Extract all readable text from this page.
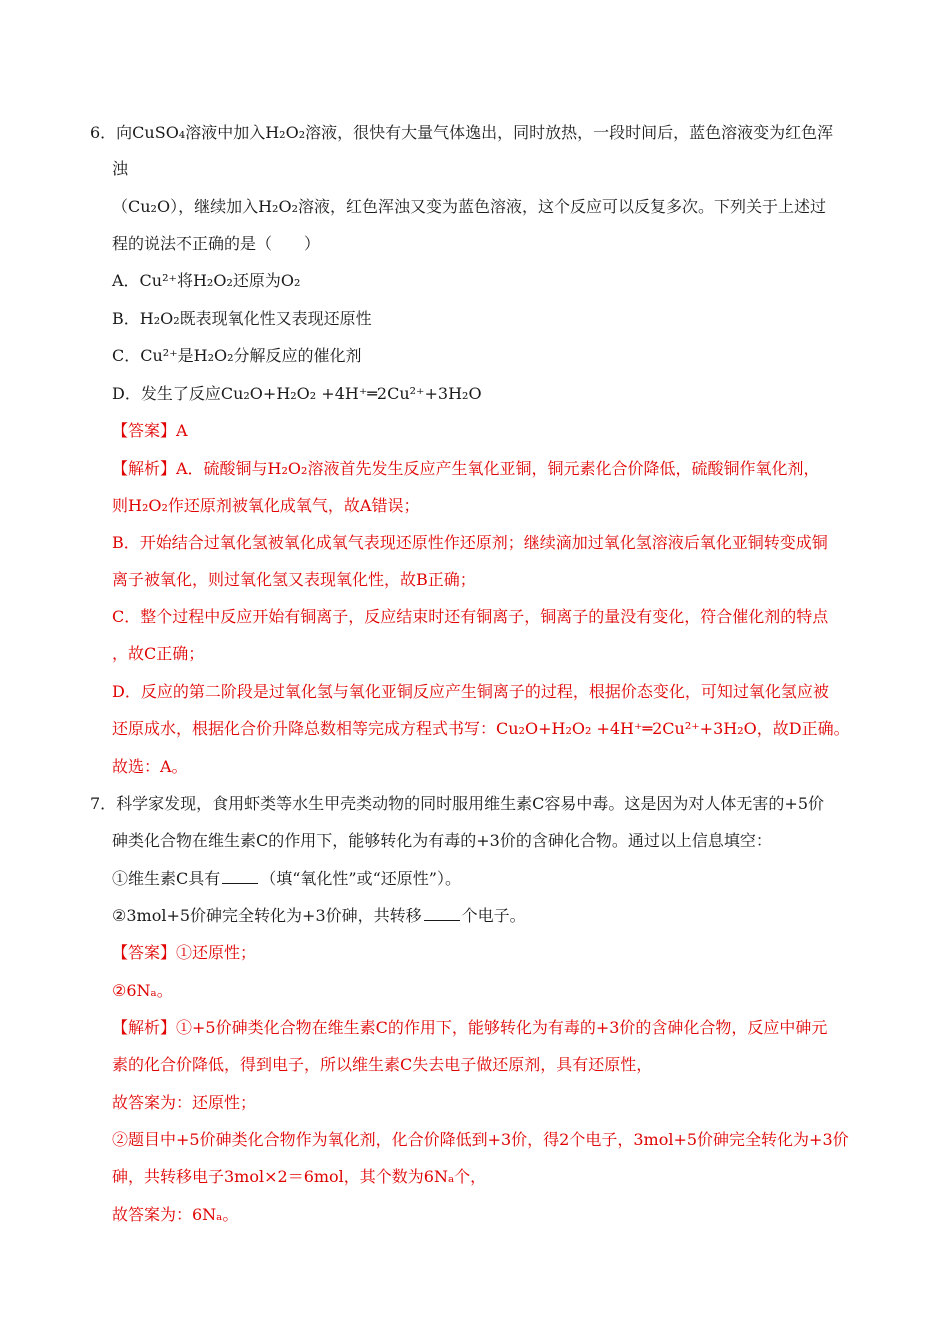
6．向CuSO₄溶液中加入H₂O₂溶液，很快有大量气体逸出，同时放热，一段时间后，蓝色溶液变为红色浑
浊
（Cu₂O），继续加入H₂O₂溶液，红色浑浊又变为蓝色溶液，这个反应可以反复多次。下列关于上述过
程的说法不正确的是（　　）
A．Cu²⁺将H₂O₂还原为O₂
B．H₂O₂既表现氧化性又表现还原性
C．Cu²⁺是H₂O₂分解反应的催化剂
D．发生了反应Cu₂O+H₂O₂ +4H⁺═2Cu²⁺+3H₂O
【答案】A
【解析】A．硫酸铜与H₂O₂溶液首先发生反应产生氧化亚铜，铜元素化合价降低，硫酸铜作氧化剂，
则H₂O₂作还原剂被氧化成氧气，故A错误；
B．开始结合过氧化氢被氧化成氧气表现还原性作还原剂；继续滴加过氧化氢溶液后氧化亚铜转变成铜
离子被氧化，则过氧化氢又表现氧化性，故B正确；
C．整个过程中反应开始有铜离子，反应结束时还有铜离子，铜离子的量没有变化，符合催化剂的特点
，故C正确；
D．反应的第二阶段是过氧化氢与氧化亚铜反应产生铜离子的过程，根据价态变化，可知过氧化氢应被
还原成水，根据化合价升降总数相等完成方程式书写：Cu₂O+H₂O₂ +4H⁺═2Cu²⁺+3H₂O，故D正确。
故选：A。
7．科学家发现，食用虾类等水生甲壳类动物的同时服用维生素C容易中毒。这是因为对人体无害的+5价
砷类化合物在维生素C的作用下，能够转化为有毒的+3价的含砷化合物。通过以上信息填空：
①维生素C具有	（填“氧化性”或“还原性”）。
②3mol+5价砷完全转化为+3价砷，共转移	个电子。
【答案】①还原性；
②6Nₐ。
【解析】①+5价砷类化合物在维生素C的作用下，能够转化为有毒的+3价的含砷化合物，反应中砷元
素的化合价降低，得到电子，所以维生素C失去电子做还原剂，具有还原性，
故答案为：还原性；
②题目中+5价砷类化合物作为氧化剂，化合价降低到+3价，得2个电子，3mol+5价砷完全转化为+3价
砷，共转移电子3mol×2＝6mol，其个数为6Nₐ个，
故答案为：6Nₐ。
